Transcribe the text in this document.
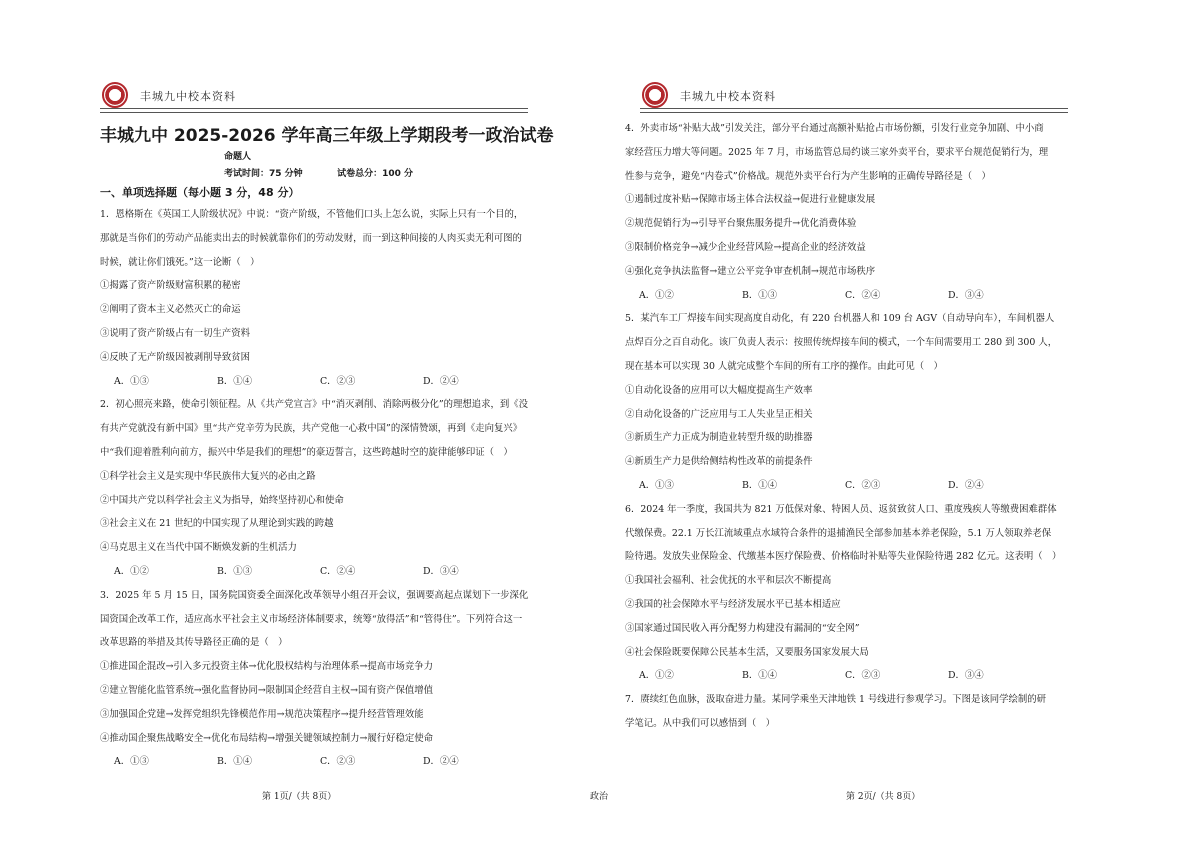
丰城九中校本资料
丰城九中 2025-2026 学年高三年级上学期段考一政治试卷
命题人
考试时间：75 分钟	试卷总分：100 分
一、单项选择题（每小题 3 分，48 分）
1．恩格斯在《英国工人阶级状况》中说：“资产阶级，不管他们口头上怎么说，实际上只有一个目的，
那就是当你们的劳动产品能卖出去的时候就靠你们的劳动发财，而一到这种间接的人肉买卖无利可图的
时候，就让你们饿死。”这一论断（　）
①揭露了资产阶级财富积累的秘密
②阐明了资本主义必然灭亡的命运
③说明了资产阶级占有一切生产资料
④反映了无产阶级因被剥削导致贫困
A．①③	B．①④	C．②③	D．②④
2．初心照亮来路，使命引领征程。从《共产党宣言》中“消灭剥削、消除两极分化”的理想追求，到《没
有共产党就没有新中国》里“共产党辛劳为民族，共产党他一心救中国”的深情赞颂，再到《走向复兴》
中“我们迎着胜利向前方，振兴中华是我们的理想”的豪迈誓言，这些跨越时空的旋律能够印证（　）
①科学社会主义是实现中华民族伟大复兴的必由之路
②中国共产党以科学社会主义为指导，始终坚持初心和使命
③社会主义在 21 世纪的中国实现了从理论到实践的跨越
④马克思主义在当代中国不断焕发新的生机活力
A．①②	B．①③	C．②④	D．③④
3．2025 年 5 月 15 日，国务院国资委全面深化改革领导小组召开会议，强调要高起点谋划下一步深化
国资国企改革工作，适应高水平社会主义市场经济体制要求，统筹“放得活”和“管得住”。下列符合这一
改革思路的举措及其传导路径正确的是（　）
①推进国企混改→引入多元投资主体→优化股权结构与治理体系→提高市场竞争力
②建立智能化监管系统→强化监督协同→限制国企经营自主权→国有资产保值增值
③加强国企党建→发挥党组织先锋模范作用→规范决策程序→提升经营管理效能
④推动国企聚焦战略安全→优化布局结构→增强关键领域控制力→履行好稳定使命
A．①③	B．①④	C．②③	D．②④
第 1页/（共 8页）	政治
丰城九中校本资料
4．外卖市场“补贴大战”引发关注，部分平台通过高额补贴抢占市场份额，引发行业竞争加剧、中小商
家经营压力增大等问题。2025 年 7 月，市场监管总局约谈三家外卖平台，要求平台规范促销行为，理
性参与竞争，避免“内卷式”价格战。规范外卖平台行为产生影响的正确传导路径是（　）
①遏制过度补贴→保障市场主体合法权益→促进行业健康发展
②规范促销行为→引导平台聚焦服务提升→优化消费体验
③限制价格竞争→减少企业经营风险→提高企业的经济效益
④强化竞争执法监督→建立公平竞争审查机制→规范市场秩序
A．①②	B．①③	C．②④	D．③④
5．某汽车工厂焊接车间实现高度自动化，有 220 台机器人和 109 台 AGV（自动导向车），车间机器人
点焊百分之百自动化。该厂负责人表示：按照传统焊接车间的模式，一个车间需要用工 280 到 300 人，
现在基本可以实现 30 人就完成整个车间的所有工序的操作。由此可见（　）
①自动化设备的应用可以大幅度提高生产效率
②自动化设备的广泛应用与工人失业呈正相关
③新质生产力正成为制造业转型升级的助推器
④新质生产力是供给侧结构性改革的前提条件
A．①③	B．①④	C．②③	D．②④
6．2024 年一季度，我国共为 821 万低保对象、特困人员、返贫致贫人口、重度残疾人等缴费困难群体
代缴保费。22.1 万长江流域重点水域符合条件的退捕渔民全部参加基本养老保险，5.1 万人领取养老保
险待遇。发放失业保险金、代缴基本医疗保险费、价格临时补贴等失业保险待遇 282 亿元。这表明（　）
①我国社会福利、社会优抚的水平和层次不断提高
②我国的社会保障水平与经济发展水平已基本相适应
③国家通过国民收入再分配努力构建没有漏洞的“安全网”
④社会保险既要保障公民基本生活，又要服务国家发展大局
A．①②	B．①④	C．②③	D．③④
7．赓续红色血脉，汲取奋进力量。某同学乘坐天津地铁 1 号线进行参观学习。下图是该同学绘制的研
学笔记。从中我们可以感悟到（　）
第 2页/（共 8页）
